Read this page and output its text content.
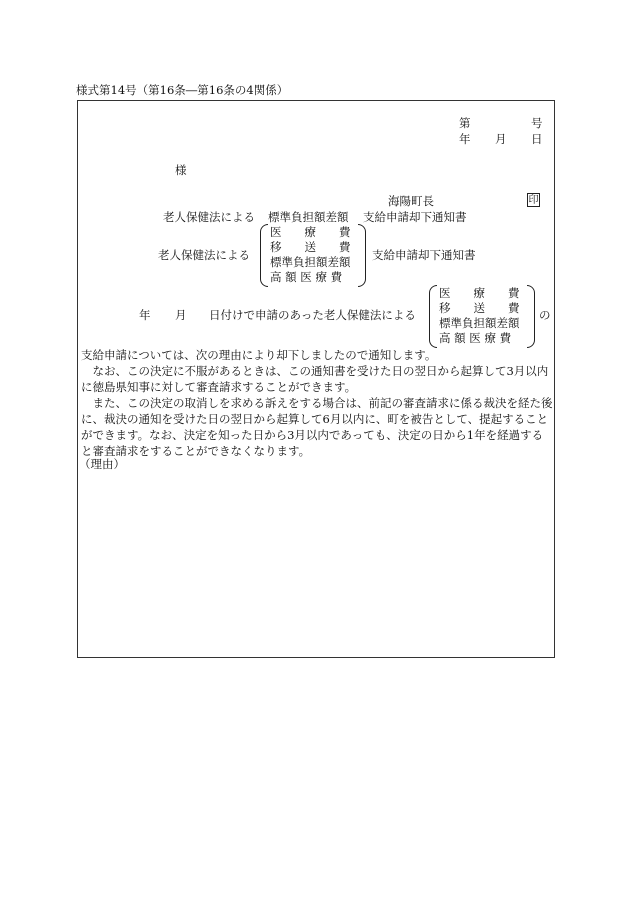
様式第14号（第16条―第16条の4関係）
第	号
年 月 日
様
海陽町長	印
老人保健法による 標準負担額差額 支給申請却下通知書
老人保健法による
医　　療　　費
移　　送　　費
標準負担額差額
高 額 医 療 費
支給申請却下通知書
年 月 日付けで申請のあった老人保健法による
医　　療　　費
移　　送　　費
標準負担額差額
高 額 医 療 費
の
支給申請については、次の理由により却下しましたので通知します。
　なお、この決定に不服があるときは、この通知書を受けた日の翌日から起算して3月以内に徳島県知事に対して審査請求することができます。
　また、この決定の取消しを求める訴えをする場合は、前記の審査請求に係る裁決を経た後に、裁決の通知を受けた日の翌日から起算して6月以内に、町を被告として、提起することができます。なお、決定を知った日から3月以内であっても、決定の日から1年を経過すると審査請求をすることができなくなります。
（理由）
